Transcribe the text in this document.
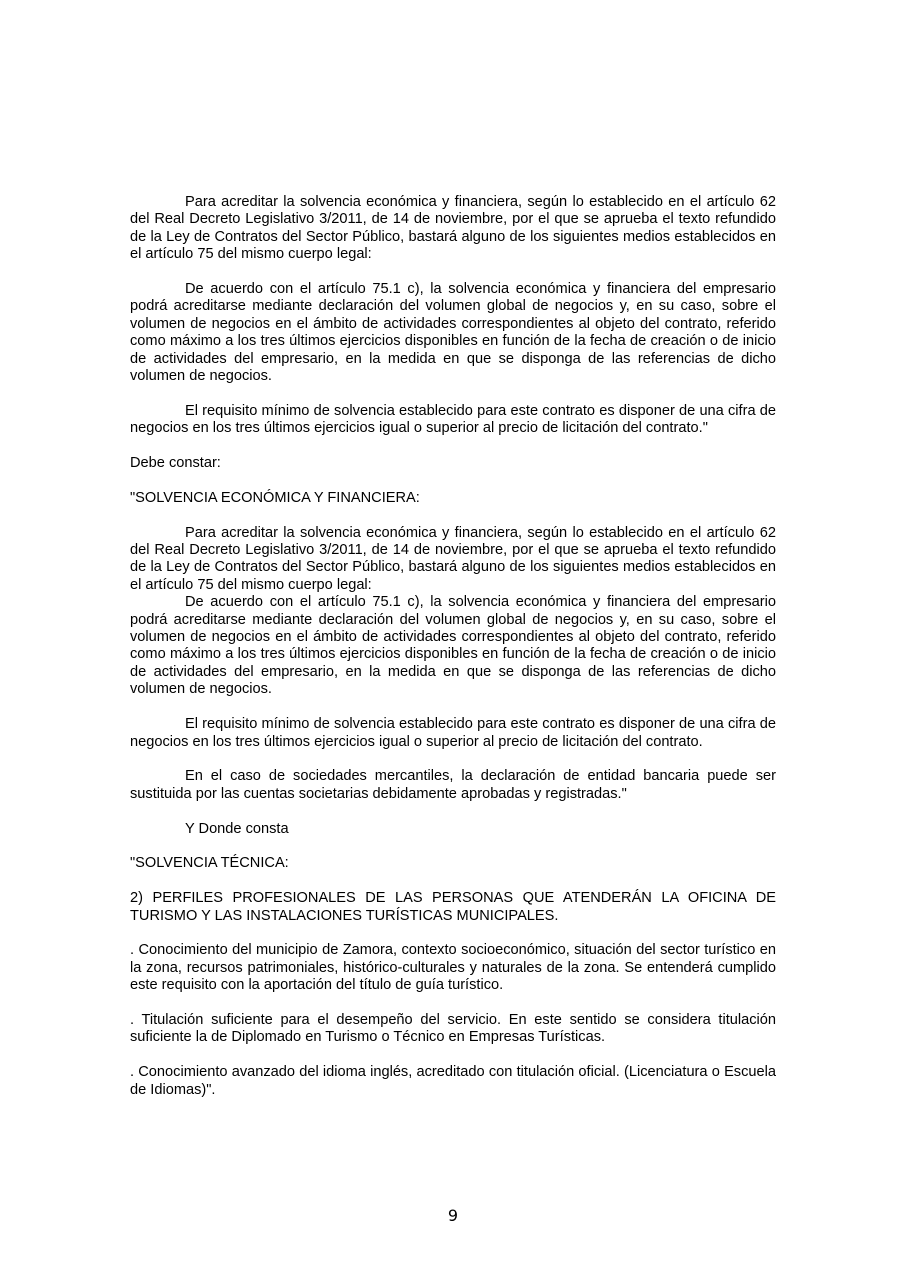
Para acreditar la solvencia económica y financiera, según lo establecido en el artículo 62 del Real Decreto Legislativo 3/2011, de 14 de noviembre, por el que se aprueba el texto refundido de la Ley de Contratos del Sector Público, bastará alguno de los siguientes medios establecidos en el artículo 75 del mismo cuerpo legal:

De acuerdo con el artículo 75.1 c), la solvencia económica y financiera del empresario podrá acreditarse mediante declaración del volumen global de negocios y, en su caso, sobre el volumen de negocios en el ámbito de actividades correspondientes al objeto del contrato, referido como máximo a los tres últimos ejercicios disponibles en función de la fecha de creación o de inicio de actividades del empresario, en la medida en que se disponga de las referencias de dicho volumen de negocios.

El requisito mínimo de solvencia establecido para este contrato es disponer de una cifra de negocios en los tres últimos ejercicios igual o superior al precio de licitación del contrato."

Debe constar:

"SOLVENCIA ECONÓMICA Y FINANCIERA:

Para acreditar la solvencia económica y financiera, según lo establecido en el artículo 62 del Real Decreto Legislativo 3/2011, de 14 de noviembre, por el que se aprueba el texto refundido de la Ley de Contratos del Sector Público, bastará alguno de los siguientes medios establecidos en el artículo 75 del mismo cuerpo legal:

De acuerdo con el artículo 75.1 c), la solvencia económica y financiera del empresario podrá acreditarse mediante declaración del volumen global de negocios y, en su caso, sobre el volumen de negocios en el ámbito de actividades correspondientes al objeto del contrato, referido como máximo a los tres últimos ejercicios disponibles en función de la fecha de creación o de inicio de actividades del empresario, en la medida en que se disponga de las referencias de dicho volumen de negocios.

El requisito mínimo de solvencia establecido para este contrato es disponer de una cifra de negocios en los tres últimos ejercicios igual o superior al precio de licitación del contrato.

En el caso de sociedades mercantiles, la declaración de entidad bancaria puede ser sustituida por las cuentas societarias debidamente aprobadas y registradas."

Y Donde consta

"SOLVENCIA TÉCNICA:

2) PERFILES PROFESIONALES DE LAS PERSONAS QUE ATENDERÁN LA OFICINA DE TURISMO Y LAS INSTALACIONES TURÍSTICAS MUNICIPALES.

. Conocimiento del municipio de Zamora, contexto socioeconómico, situación del sector turístico en la zona, recursos patrimoniales, histórico-culturales y naturales de la zona. Se entenderá cumplido este requisito con la aportación del título de guía turístico.

. Titulación suficiente para el desempeño del servicio. En este sentido se considera titulación suficiente la de Diplomado en Turismo o Técnico en Empresas Turísticas.

. Conocimiento avanzado del idioma inglés, acreditado con titulación oficial. (Licenciatura o Escuela de Idiomas)".

9
